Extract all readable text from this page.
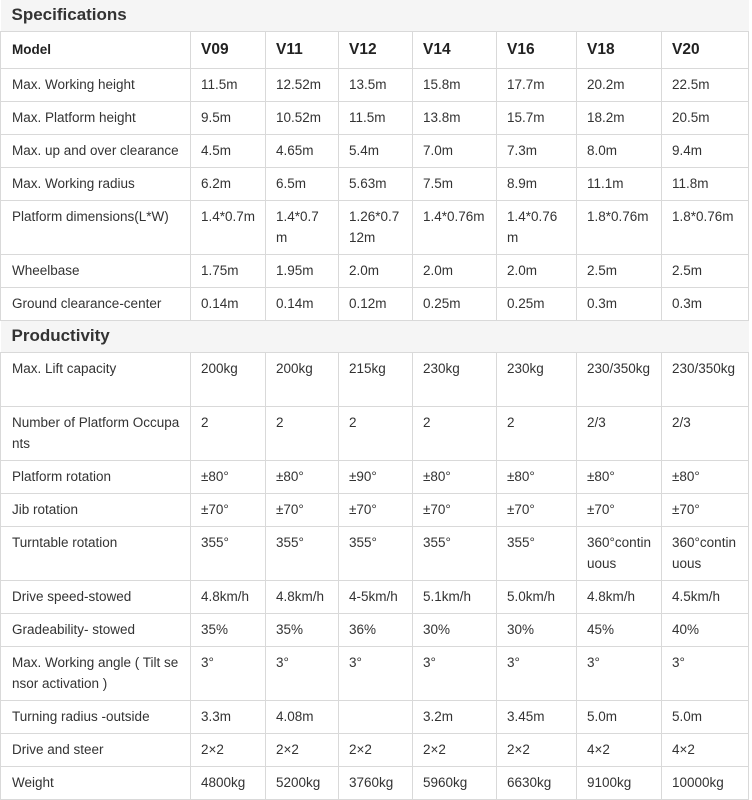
Specifications							
Model	V09	V11	V12	V14	V16	V18	V20
Max. Working height	11.5m	12.52m	13.5m	15.8m	17.7m	20.2m	22.5m
Max. Platform height	9.5m	10.52m	11.5m	13.8m	15.7m	18.2m	20.5m
Max. up and over clearance	4.5m	4.65m	5.4m	7.0m	7.3m	8.0m	9.4m
Max. Working radius	6.2m	6.5m	5.63m	7.5m	8.9m	11.1m	11.8m
Platform dimensions(L*W)	1.4*0.7m	1.4*0.7m	1.26*0.712m	1.4*0.76m	1.4*0.76m	1.8*0.76m	1.8*0.76m
Wheelbase	1.75m	1.95m	2.0m	2.0m	2.0m	2.5m	2.5m
Ground clearance-center	0.14m	0.14m	0.12m	0.25m	0.25m	0.3m	0.3m
Productivity							
Max. Lift capacity	200kg	200kg	215kg	230kg	230kg	230/350kg	230/350kg
Number of Platform Occupants	2	2	2	2	2	2/3	2/3
Platform rotation	±80°	±80°	±90°	±80°	±80°	±80°	±80°
Jib rotation	±70°	±70°	±70°	±70°	±70°	±70°	±70°
Turntable rotation	355°	355°	355°	355°	355°	360°continuous	360°continuous
Drive speed-stowed	4.8km/h	4.8km/h	4-5km/h	5.1km/h	5.0km/h	4.8km/h	4.5km/h
Gradeability- stowed	35%	35%	36%	30%	30%	45%	40%
Max. Working angle ( Tilt sensor activation )	3°	3°	3°	3°	3°	3°	3°
Turning radius -outside	3.3m	4.08m		3.2m	3.45m	5.0m	5.0m
Drive and steer	2×2	2×2	2×2	2×2	2×2	4×2	4×2
Weight	4800kg	5200kg	3760kg	5960kg	6630kg	9100kg	10000kg
